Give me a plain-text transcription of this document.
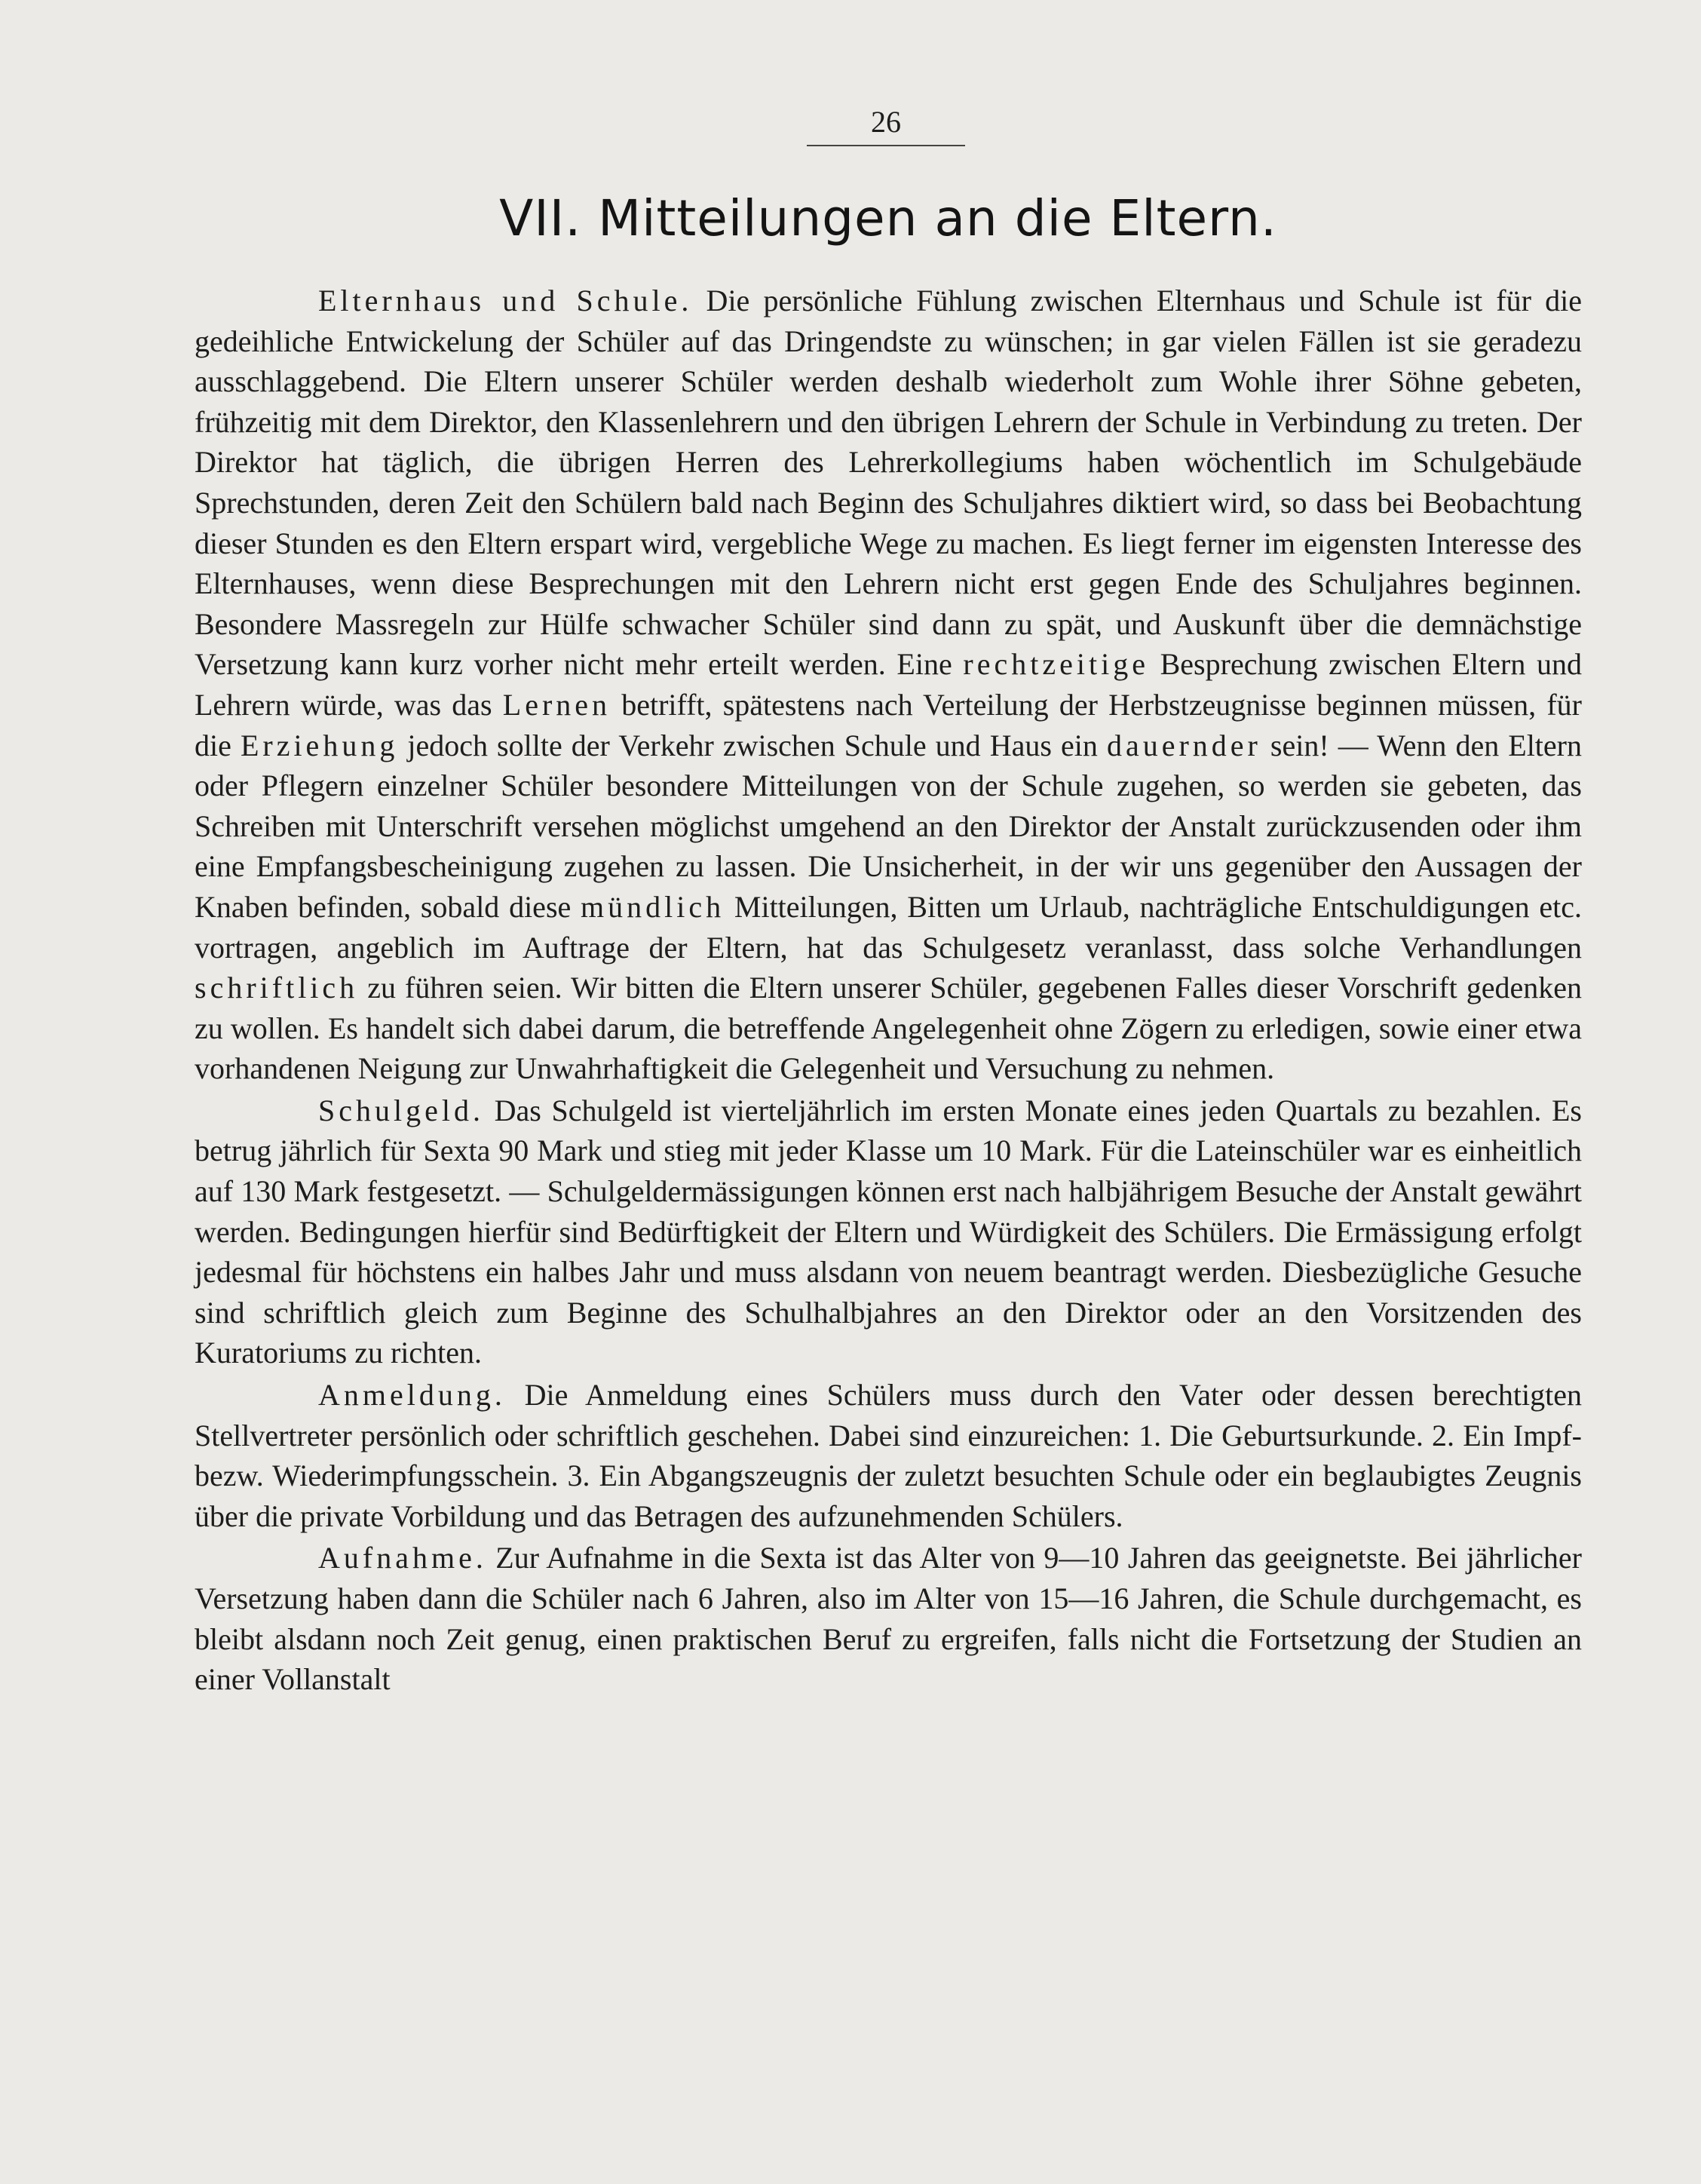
26
VII. Mitteilungen an die Eltern.

Elternhaus und Schule. Die persönliche Fühlung zwischen Elternhaus und Schule ist für die gedeihliche Entwickelung der Schüler auf das Dringendste zu wünschen; in gar vielen Fällen ist sie geradezu ausschlaggebend. Die Eltern unserer Schüler werden deshalb wiederholt zum Wohle ihrer Söhne gebeten, frühzeitig mit dem Direktor, den Klassenlehrern und den übrigen Lehrern der Schule in Verbindung zu treten. Der Direktor hat täglich, die übrigen Herren des Lehrerkollegiums haben wöchentlich im Schulgebäude Sprechstunden, deren Zeit den Schülern bald nach Beginn des Schuljahres diktiert wird, so dass bei Beobachtung dieser Stunden es den Eltern erspart wird, vergebliche Wege zu machen. Es liegt ferner im eigensten Interesse des Elternhauses, wenn diese Besprechungen mit den Lehrern nicht erst gegen Ende des Schuljahres beginnen. Besondere Massregeln zur Hülfe schwacher Schüler sind dann zu spät, und Auskunft über die demnächstige Versetzung kann kurz vorher nicht mehr erteilt werden. Eine rechtzeitige Besprechung zwischen Eltern und Lehrern würde, was das Lernen betrifft, spätestens nach Verteilung der Herbstzeugnisse beginnen müssen, für die Erziehung jedoch sollte der Verkehr zwischen Schule und Haus ein dauernder sein! — Wenn den Eltern oder Pflegern einzelner Schüler besondere Mitteilungen von der Schule zugehen, so werden sie gebeten, das Schreiben mit Unterschrift versehen möglichst umgehend an den Direktor der Anstalt zurückzusenden oder ihm eine Empfangsbescheinigung zugehen zu lassen. Die Unsicherheit, in der wir uns gegenüber den Aussagen der Knaben befinden, sobald diese mündlich Mitteilungen, Bitten um Urlaub, nachträgliche Entschuldigungen etc. vortragen, angeblich im Auftrage der Eltern, hat das Schulgesetz veranlasst, dass solche Verhandlungen schriftlich zu führen seien. Wir bitten die Eltern unserer Schüler, gegebenen Falles dieser Vorschrift gedenken zu wollen. Es handelt sich dabei darum, die betreffende Angelegenheit ohne Zögern zu erledigen, sowie einer etwa vorhandenen Neigung zur Unwahrhaftigkeit die Gelegenheit und Versuchung zu nehmen.

Schulgeld. Das Schulgeld ist vierteljährlich im ersten Monate eines jeden Quartals zu bezahlen. Es betrug jährlich für Sexta 90 Mark und stieg mit jeder Klasse um 10 Mark. Für die Lateinschüler war es einheitlich auf 130 Mark festgesetzt. — Schulgeldermässigungen können erst nach halbjährigem Besuche der Anstalt gewährt werden. Bedingungen hierfür sind Bedürftigkeit der Eltern und Würdigkeit des Schülers. Die Ermässigung erfolgt jedesmal für höchstens ein halbes Jahr und muss alsdann von neuem beantragt werden. Diesbezügliche Gesuche sind schriftlich gleich zum Beginne des Schulhalbjahres an den Direktor oder an den Vorsitzenden des Kuratoriums zu richten.

Anmeldung. Die Anmeldung eines Schülers muss durch den Vater oder dessen berechtigten Stellvertreter persönlich oder schriftlich geschehen. Dabei sind einzureichen: 1. Die Geburtsurkunde. 2. Ein Impf- bezw. Wiederimpfungsschein. 3. Ein Abgangszeugnis der zuletzt besuchten Schule oder ein beglaubigtes Zeugnis über die private Vorbildung und das Betragen des aufzunehmenden Schülers.

Aufnahme. Zur Aufnahme in die Sexta ist das Alter von 9—10 Jahren das geeignetste. Bei jährlicher Versetzung haben dann die Schüler nach 6 Jahren, also im Alter von 15—16 Jahren, die Schule durchgemacht, es bleibt alsdann noch Zeit genug, einen praktischen Beruf zu ergreifen, falls nicht die Fortsetzung der Studien an einer Vollanstalt
